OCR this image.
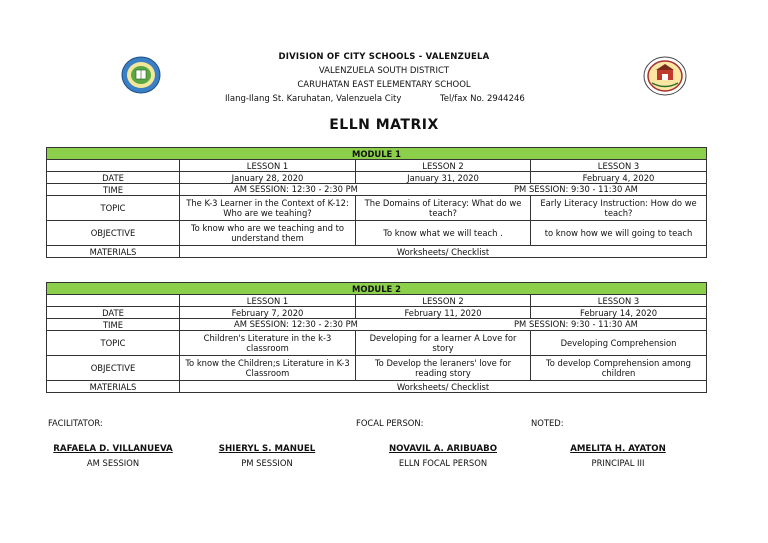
DIVISION OF CITY SCHOOLS - VALENZUELA
VALENZUELA SOUTH DISTRICT
CARUHATAN EAST ELEMENTARY SCHOOL
Ilang-Ilang St. Karuhatan, Valenzuela City	Tel/fax No. 2944246
ELLN MATRIX
MODULE 1			
	LESSON 1	LESSON 2	LESSON 3
DATE	January 28, 2020	January 31, 2020	February 4, 2020
TIME	AM SESSION: 12:30 - 2:30 PM PM SESSION: 9:30 - 11:30 AM		

TOPIC	The K-3 Learner in the Context of K-12: Who are we teahing?	The Domains of Literacy: What do we teach?	Early Literacy Instruction: How do we teach?
OBJECTIVE	To know who are we teaching and to understand them	To know what we will teach .	to know how we will going to teach
MATERIALS	Worksheets/ Checklist		
MODULE 2			
	LESSON 1	LESSON 2	LESSON 3
DATE	February 7, 2020	February 11, 2020	February 14, 2020
TIME	AM SESSION: 12:30 - 2:30 PM PM SESSION: 9:30 - 11:30 AM		

TOPIC	Children's Literature in the k-3 classroom	Developing for a learner A Love for story	Developing Comprehension
OBJECTIVE	To know the Children;s Literature in K-3 Classroom	To Develop the leraners' love for reading story	To develop Comprehension among children
MATERIALS	Worksheets/ Checklist		
FACILITATOR:	FOCAL PERSON:	NOTED:
RAFAELA D. VILLANUEVA
AM SESSION
SHIERYL S. MANUEL
PM SESSION
NOVAVIL A. ARIBUABO
ELLN FOCAL PERSON
AMELITA H. AYATON
PRINCIPAL III
